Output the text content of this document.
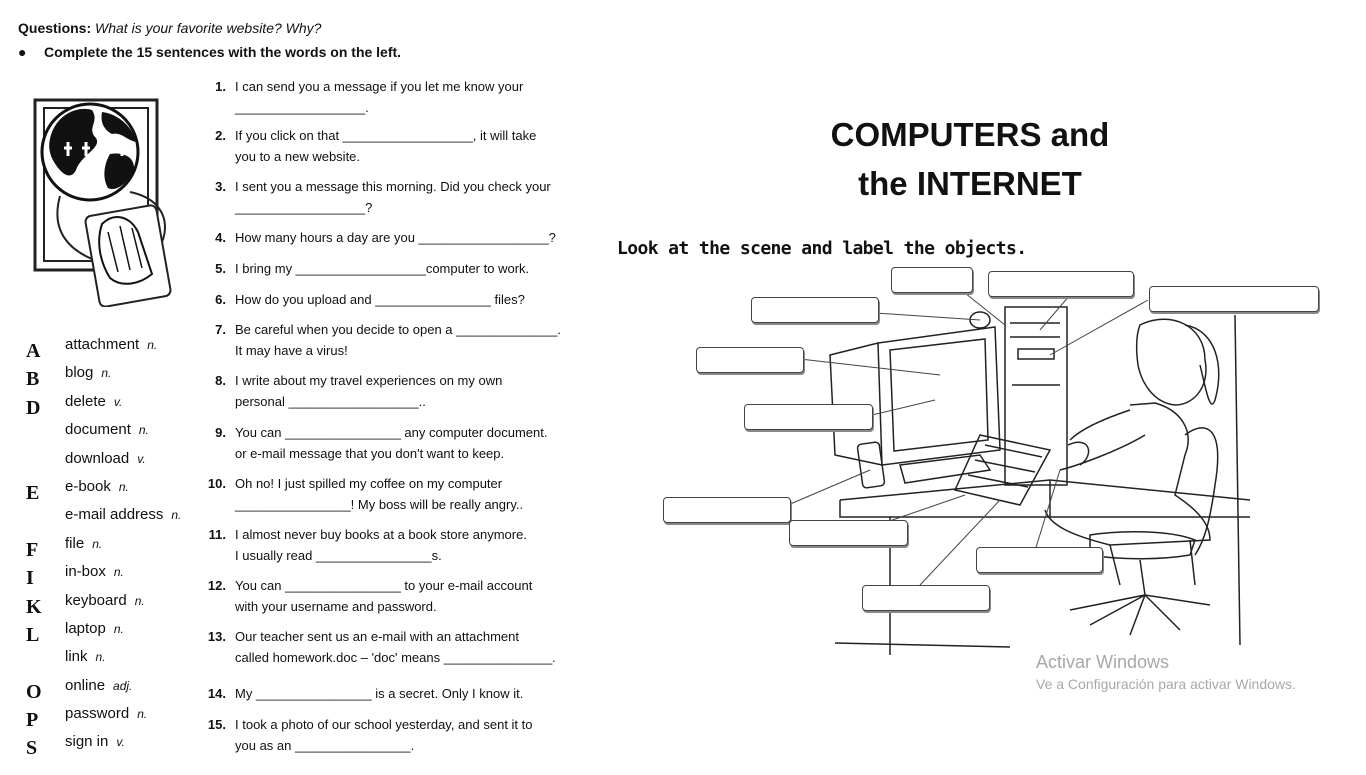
Questions: What is your favorite website? Why?
● Complete the 15 sentences with the words on the left.
A	attachment n.
B	blog n.
D	delete v.
document n.
download v.
E	e-book n.
e-mail address n.
F	file n.
I	in-box n.
K	keyboard n.
L	laptop n.
link n.
O	online adj.
P	password n.
S	sign in v.
1. I can send you a message if you let me know your
__________________.
2. If you click on that __________________, it will take
you to a new website.
3. I sent you a message this morning. Did you check your
__________________?
4. How many hours a day are you __________________?
5. I bring my __________________computer to work.
6. How do you upload and ________________ files?
7. Be careful when you decide to open a ______________.
It may have a virus!
8. I write about my travel experiences on my own
personal __________________..
9. You can ________________ any computer document.
or e-mail message that you don't want to keep.
10. Oh no! I just spilled my coffee on my computer
________________! My boss will be really angry..
11. I almost never buy books at a book store anymore.
I usually read ________________s.
12. You can ________________ to your e-mail account
with your username and password.
13. Our teacher sent us an e-mail with an attachment
called homework.doc – 'doc' means _______________.
14. My ________________ is a secret. Only I know it.
15. I took a photo of our school yesterday, and sent it to
you as an ________________.
COMPUTERS and
the INTERNET
Look at the scene and label the objects.
Activar Windows
Ve a Configuración para activar Windows.
